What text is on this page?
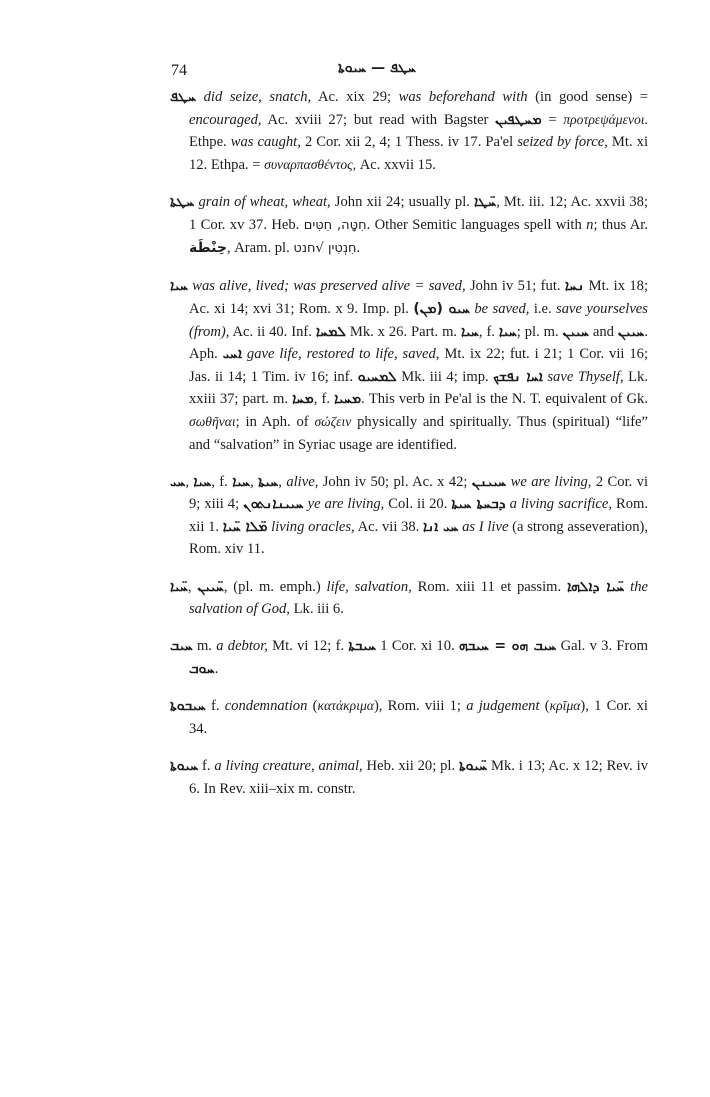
74	ܚܛܦ — ܚܝܘܬܐ

ܚܛܦ did seize, snatch, Ac. xix 29; was beforehand with (in good sense) = encouraged, Ac. xviii 27; but read with Bagster ܡܚܛܦܝܢ = προτρεψάμενοι. Ethpe. was caught, 2 Cor. xii 2, 4; 1 Thess. iv 17. Pa'el seized by force, Mt. xi 12. Ethpa. = συναρπασθέντος, Ac. xxvii 15.

ܚܛܬܐ grain of wheat, wheat, John xii 24; usually pl. ܚ̈ܛܐ, Mt. iii. 12; Ac. xxvii 38; 1 Cor. xv 37. Heb. חִטָּה, חִטִּים. Other Semitic languages spell with n; thus Ar. حِنْطَة, Aram. pl. חִנְטִין √חנט.

ܚܝܐ was alive, lived; was preserved alive = saved, John iv 51; fut. ܢܚܐ Mt. ix 18; Ac. xi 14; xvi 31; Rom. x 9. Imp. pl. (ܡܢ) ܚܝܘ be saved, i.e. save yourselves (from), Ac. ii 40. Inf. ܠܡܚܐ Mk. x 26. Part. m. ܚܝܐ, f. ܚܝܐ; pl. m. ܚܝܝܢ and ܚܝܝܢ. Aph. ܐܚܝ gave life, restored to life, saved, Mt. ix 22; fut. i 21; 1 Cor. vii 16; Jas. ii 14; 1 Tim. iv 16; inf. ܠܡܚܝܘ Mk. iii 4; imp. ܐܚܐ ܢܦܫܟ save Thyself, Lk. xxiii 37; part. m. ܡܚܐ, f. ܡܚܝܐ. This verb in Pe'al is the N. T. equivalent of Gk. σωθῆναι; in Aph. of σώζειν physically and spiritually. Thus (spiritual) “life” and “salvation” in Syriac usage are identified.

ܚܝ, ܚܝܐ, f. ܚܝܐ, ܚܝܬܐ, alive, John iv 50; pl. Ac. x 42; ܚܝܝܢܢ we are living, 2 Cor. vi 9; xiii 4; ܚܝܝܢܐܢܬܘܢ ye are living, Col. ii 20. ܕܒܚܬܐ ܚܝܬܐ a living sacrifice, Rom. xii 1. ܡ̈ܠܐ ܚ̈ܝܐ living oracles, Ac. vii 38. ܚܝ ܐܢܐ as I live (a strong asseveration), Rom. xiv 11.

ܚ̈ܝܐ, ܚ̈ܝܝܢ, (pl. m. emph.) life, salvation, Rom. xiii 11 et passim. ܚ̈ܝܐ ܕܐܠܗܐ the salvation of God, Lk. iii 6.

ܚܝܒ m. a debtor, Mt. vi 12; f. ܚܝܒܬܐ 1 Cor. xi 10. ܚܝܒ ܗܘ = ܚܝܒܗ Gal. v 3. From ܚܘܒ.

ܚܝܒܘܬܐ f. condemnation (κατάκριμα), Rom. viii 1; a judgement (κρῖμα), 1 Cor. xi 34.

ܚܝܘܬܐ f. a living creature, animal, Heb. xii 20; pl. ܚ̈ܝܘܬܐ Mk. i 13; Ac. x 12; Rev. iv 6. In Rev. xiii–xix m. constr.
